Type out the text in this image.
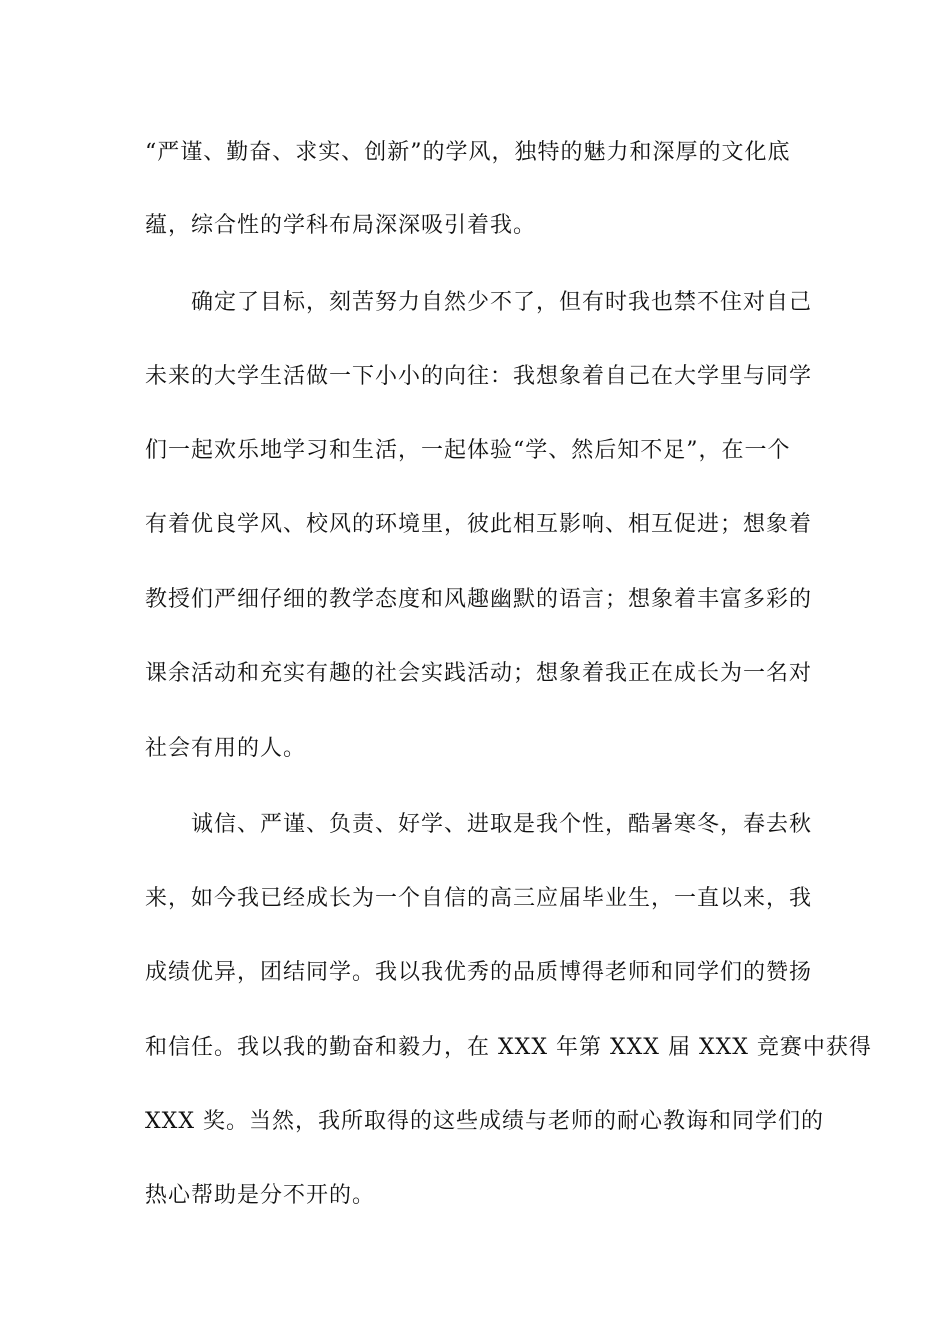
“严谨、勤奋、求实、创新”的学风，独特的魅力和深厚的文化底
蕴，综合性的学科布局深深吸引着我。
确定了目标，刻苦努力自然少不了，但有时我也禁不住对自己
未来的大学生活做一下小小的向往：我想象着自己在大学里与同学
们一起欢乐地学习和生活，一起体验“学、然后知不足”，在一个
有着优良学风、校风的环境里，彼此相互影响、相互促进；想象着
教授们严细仔细的教学态度和风趣幽默的语言；想象着丰富多彩的
课余活动和充实有趣的社会实践活动；想象着我正在成长为一名对
社会有用的人。
诚信、严谨、负责、好学、进取是我个性，酷暑寒冬，春去秋
来，如今我已经成长为一个自信的高三应届毕业生，一直以来，我
成绩优异，团结同学。我以我优秀的品质博得老师和同学们的赞扬
和信任。我以我的勤奋和毅力，在 XXX 年第 XXX 届 XXX 竞赛中获得
XXX 奖。当然，我所取得的这些成绩与老师的耐心教诲和同学们的
热心帮助是分不开的。
